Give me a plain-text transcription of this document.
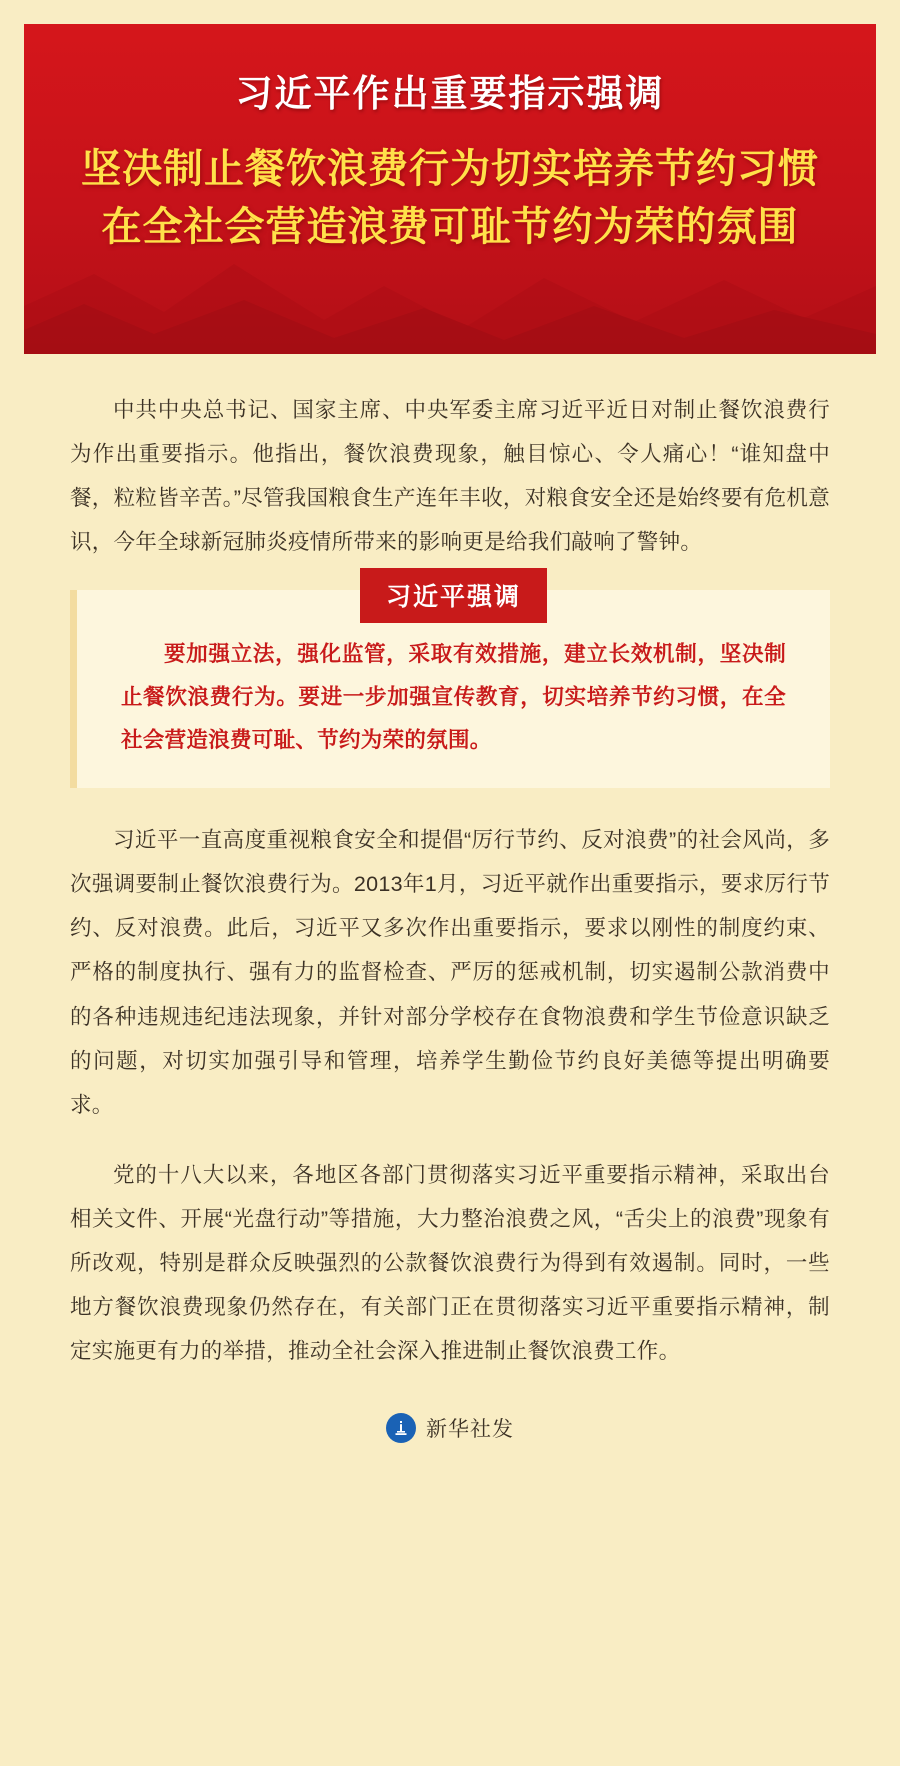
习近平作出重要指示强调
坚决制止餐饮浪费行为切实培养节约习惯
在全社会营造浪费可耻节约为荣的氛围

中共中央总书记、国家主席、中央军委主席习近平近日对制止餐饮浪费行为作出重要指示。他指出，餐饮浪费现象，触目惊心、令人痛心！“谁知盘中餐，粒粒皆辛苦。”尽管我国粮食生产连年丰收，对粮食安全还是始终要有危机意识，今年全球新冠肺炎疫情所带来的影响更是给我们敲响了警钟。

习近平强调

要加强立法，强化监管，采取有效措施，建立长效机制，坚决制止餐饮浪费行为。要进一步加强宣传教育，切实培养节约习惯，在全社会营造浪费可耻、节约为荣的氛围。

习近平一直高度重视粮食安全和提倡“厉行节约、反对浪费”的社会风尚，多次强调要制止餐饮浪费行为。2013年1月，习近平就作出重要指示，要求厉行节约、反对浪费。此后，习近平又多次作出重要指示，要求以刚性的制度约束、严格的制度执行、强有力的监督检查、严厉的惩戒机制，切实遏制公款消费中的各种违规违纪违法现象，并针对部分学校存在食物浪费和学生节俭意识缺乏的问题，对切实加强引导和管理，培养学生勤俭节约良好美德等提出明确要求。

党的十八大以来，各地区各部门贯彻落实习近平重要指示精神，采取出台相关文件、开展“光盘行动”等措施，大力整治浪费之风，“舌尖上的浪费”现象有所改观，特别是群众反映强烈的公款餐饮浪费行为得到有效遏制。同时，一些地方餐饮浪费现象仍然存在，有关部门正在贯彻落实习近平重要指示精神，制定实施更有力的举措，推动全社会深入推进制止餐饮浪费工作。

新华社发
